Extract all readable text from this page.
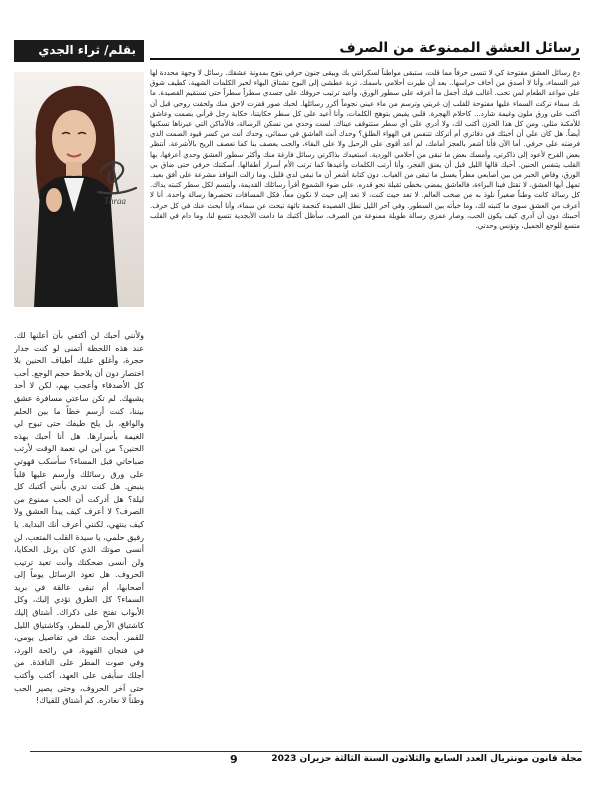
رسائل العشق الممنوعة من الصرف
بقلم/ ثراء الجدي
Thraa
ولأنني أحبك لن أكتفي بأن أعلنها لك. عند هذه اللحظة أتمنى لو كنت جدار حجرة، وأغلق عليك أطياف الحنين بلا اختصار دون أن يلاحظ حجم الوجع. أحب كل الأصدقاء وأعجب بهم، لكن لا أحد يشبهك. لم تكن ساعتي مسافرة عشق بيننا، كنت أرسم خطاً ما بين الحلم والواقع، بل يلح طيفك حتى تبوح لي الغيمة بأسرارها. هل أنا أحبك بهذه الحنين؟ من أين لي نعمة الوقت لأرتب صباحاتي قبل المساء؟ سأسكب قهوتي على ورق رسائلك وأرسم عليها قلباً ينبض. هل كنت تدري بأنني أكتبك كل ليلة؟ هل أدركت أن الحب ممنوع من الصرف؟ لا أعرف كيف يبدأ العشق ولا كيف ينتهي، لكنني أعرف أنك البداية. يا رفيق حلمي، يا سيدة القلب المتعب، لن أنسى صوتك الذي كان يرتل الحكايا، ولن أنسى ضحكتك وأنت تعيد ترتيب الحروف. هل تعود الرسائل يوماً إلى أصحابها، أم تبقى عالقة في بريد السماء؟ كل الطرق تؤدي إليك، وكل الأبواب تفتح على ذكراك. أشتاق إليك كاشتياق الأرض للمطر، وكاشتياق الليل للقمر. أبحث عنك في تفاصيل يومي، في فنجان القهوة، في رائحة الورد، وفي صوت المطر على النافذة. من أجلك سأبقى على العهد، أكتب وأكتب حتى آخر الحروف، وحتى يصير الحب وطناً لا نغادره. كم أشتاق للقياك!

دع رسائل العشق مفتوحة كي لا تنسى حرفاً مما قلت، ستبقى مواطناً لسكرانتي بك وبيقى جنون حرفي يتوج بمدونة عشقك. رسائل لا وجهة محددة لها غير السماء، وأنا لا أصدق من أخاف حراسها.. بعد أن طيرت أحلامي باسمك. تربة عطشى إلى البوح تشتاق البهاء لحبر الكلمات الشهية، كطيف شوق على مواعد الطعام لمن تحب. أغالب فيك أجمل ما أعرفه على سطور الورق، وأعيد ترتيب حروفك على جسدي سطراً سطراً حتى تستقيم القصيدة. ما بك سماء تركت السماء عليها مفتوحة للقلب إن غربتي وترسم من ماء عيني نجوماً أكرر رسائلها. لحبك صور قفزت لاحق منك ولحقت روحي قبل أن أكتب على ورق ملون وغيمة شارد... كاحلام الهجرة. قلبي يفيض بتوهج الكلمات، وأنا أعيد على كل سطر حكايتنا، حكاية رجل قرأني بصمت وعاشق للأمكنة مثلي. ومن كل هذا الحزن أكتب لك، ولا أدري على أي سطر ستتوقف عيناك. لست وحدي من تسكن الرسالة، فالأماكن التي عبرناها تسكنها أيضاً. هل كان علي أن أخبئك في دفاتري أم أتركك تتنفس في الهواء الطلق؟ وحدك أنت العاشق في سمائي، وحدك أنت من كسر قيود الصمت الذي فرضته على حرفي. أما الآن فأنا أشعر بالعجز أمامك، لم أعد أقوى على الرحيل ولا على البقاء، والحب يعصف بنا كما تعصف الريح بالأشرعة. أنتظر بعض الفرح لأعود إلى ذاكرتي، وأمسك بعض ما تبقى من أحلامي الوردية. استعيدك بذاكرتي رسائل فارغة منك وأكثر سطور العشق وحدي أعرفها، بها القلب يتنفس الحنين. أحبك قالها الليل قبل أن يعتق الفجر، وأنا أرتب الكلمات وأعيدها كما ترتب الأم أسرار أطفالها. أسكنتك حرفي حتى ضاق بي الورق، وفاض الحبر من بين أصابعي مطراً يغسل ما تبقى من الغياب. دون كتابة أشعر أن ما تبقى لدي قليل، وما زالت النوافذ مشرعة على أفق بعيد. تمهل أيها العشق، لا تقتل فينا البراءة، فالعاشق يمضي بخطى ثقيلة نحو قدره. على ضوء الشموع أقرأ رسائلك القديمة، وأبتسم لكل سطر كتبته يداك. كل رسالة كانت وطناً صغيراً نلوذ به من صخب العالم. لا تعد حيث كنت، لا تعد إلى حيث لا نكون معاً، فكل المسافات تختصرها رسالة واحدة. أنا لا أعرف من العشق سوى ما كتبته لك، وما خبأته بين السطور. وفي آخر الليل تطل القصيدة كنجمة تائهة تبحث عن سماء، وأنا أبحث عنك في كل حرف. أحببتك دون أن أدري كيف يكون الحب، وصار عمري رسالة طويلة ممنوعة من الصرف. سأظل أكتبك ما دامت الأبجدية تتسع لنا، وما دام في القلب متسع للوجع الجميل، وتؤنس وحدتي.

مجلة قانون مونتريال العدد السابع والثلاثون السنة الثالثة حزيران 2023
9
